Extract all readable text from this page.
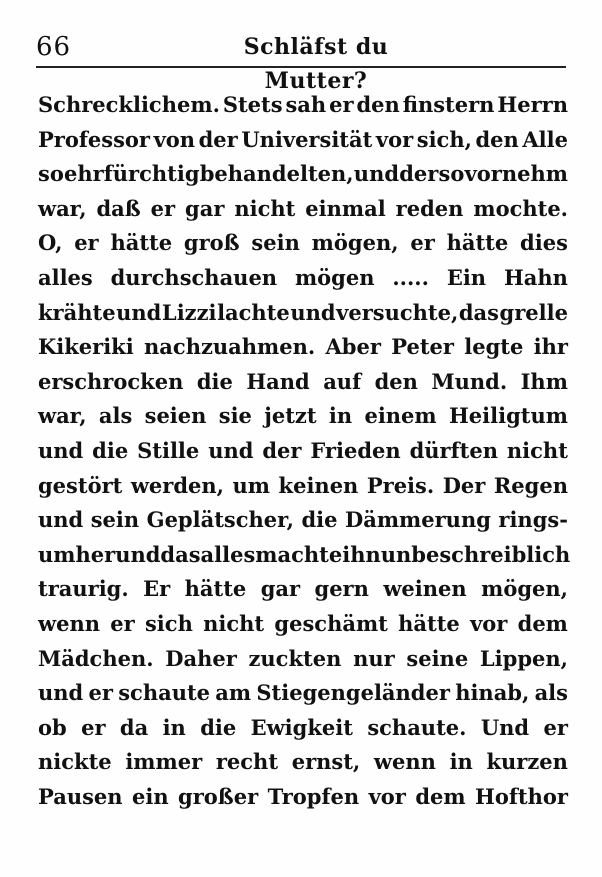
66	Schläfst du Mutter?
Schrecklichem. Stets sah er den finstern Herrn
Professor von der Universität vor sich, den Alle
so ehrfürchtig behandelten, und der so vornehm
war, daß er gar nicht einmal reden mochte.
O, er hätte groß sein mögen, er hätte dies
alles durchschauen mögen ..... Ein Hahn
krähte und Lizzi lachte und versuchte, das grelle
Kikeriki nachzuahmen. Aber Peter legte ihr
erschrocken die Hand auf den Mund. Ihm
war, als seien sie jetzt in einem Heiligtum
und die Stille und der Frieden dürften nicht
gestört werden, um keinen Preis. Der Regen
und sein Geplätscher, die Dämmerung rings-
umher und das alles machte ihn unbeschreiblich
traurig. Er hätte gar gern weinen mögen,
wenn er sich nicht geschämt hätte vor dem
Mädchen. Daher zuckten nur seine Lippen,
und er schaute am Stiegengeländer hinab, als
ob er da in die Ewigkeit schaute. Und er
nickte immer recht ernst, wenn in kurzen
Pausen ein großer Tropfen vor dem Hofthor
